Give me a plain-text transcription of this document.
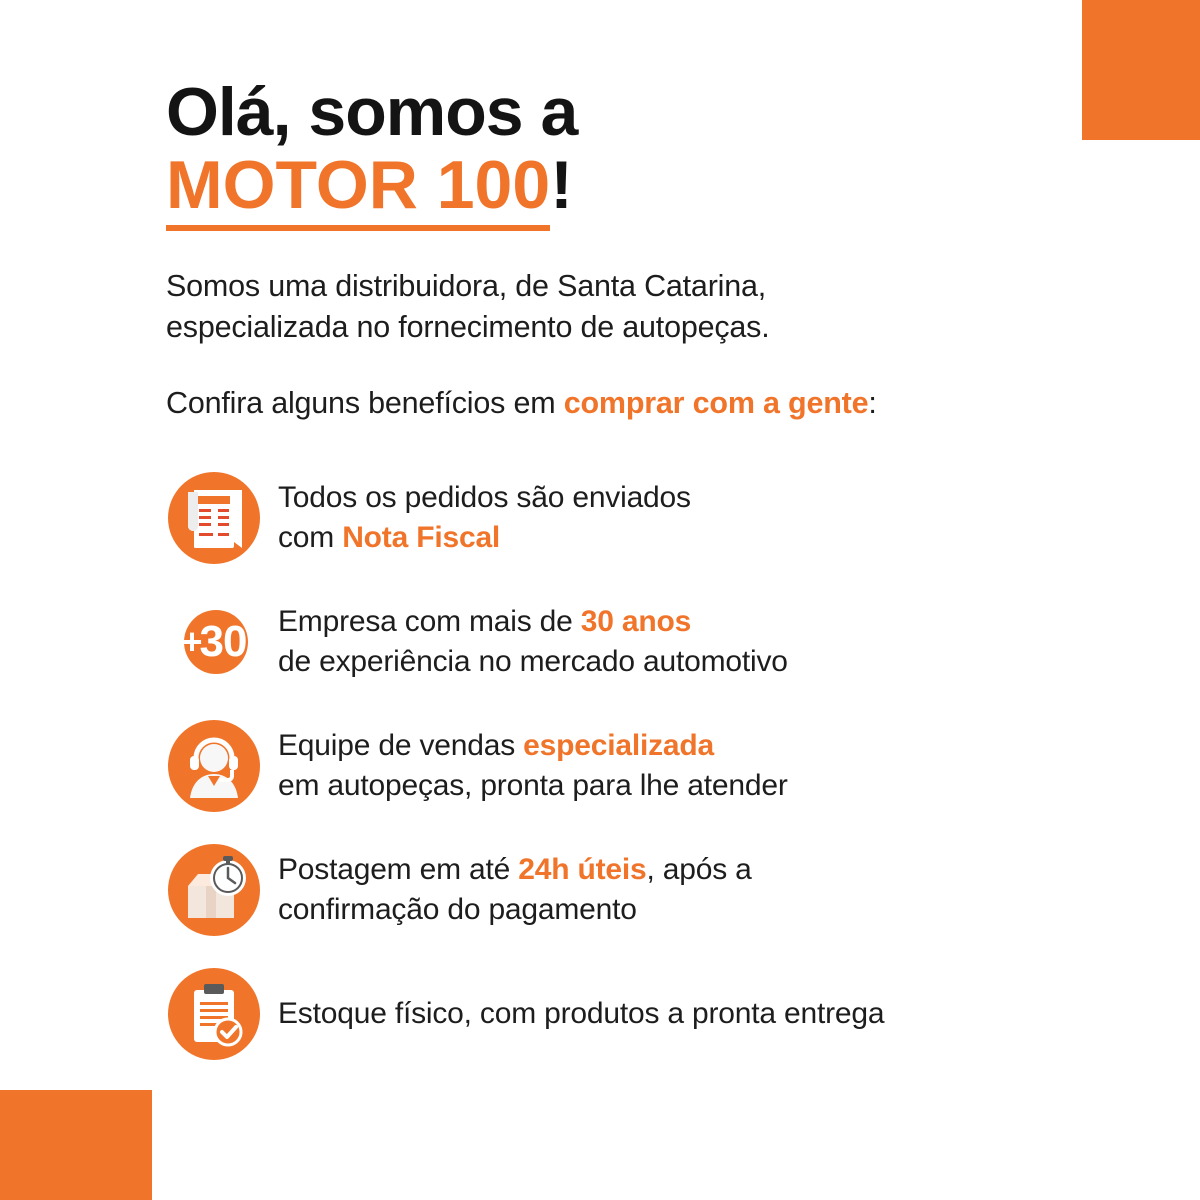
Olá, somos a
MOTOR 100!

Somos uma distribuidora, de Santa Catarina,
especializada no fornecimento de autopeças.

Confira alguns benefícios em comprar com a gente:

Todos os pedidos são enviados
com Nota Fiscal
+
30 Empresa com mais de 30 anos
de experiência no mercado automotivo
Equipe de vendas especializada
em autopeças, pronta para lhe atender
Postagem em até 24h úteis, após a
confirmação do pagamento
Estoque físico, com produtos a pronta entrega
